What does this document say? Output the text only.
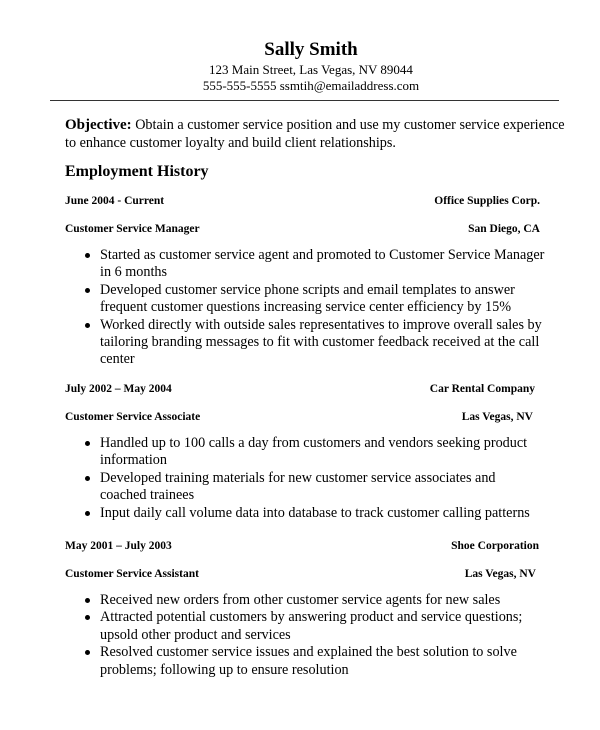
Sally Smith
123 Main Street, Las Vegas, NV 89044
555-555-5555 ssmtih@emailaddress.com
Objective: Obtain a customer service position and use my customer service experience to enhance customer loyalty and build client relationships.
Employment History
June 2004 - Current	Office Supplies Corp.
Customer Service Manager	San Diego, CA
Started as customer service agent and promoted to Customer Service Manager in 6 months
Developed customer service phone scripts and email templates to answer frequent customer questions increasing service center efficiency by 15%
Worked directly with outside sales representatives to improve overall sales by tailoring branding messages to fit with customer feedback received at the call center
July 2002 – May 2004	Car Rental Company
Customer Service Associate	Las Vegas, NV
Handled up to 100 calls a day from customers and vendors seeking product information
Developed training materials for new customer service associates and coached trainees
Input daily call volume data into database to track customer calling patterns
May 2001 – July 2003	Shoe Corporation
Customer Service Assistant	Las Vegas, NV
Received new orders from other customer service agents for new sales
Attracted potential customers by answering product and service questions; upsold other product and services
Resolved customer service issues and explained the best solution to solve problems; following up to ensure resolution
